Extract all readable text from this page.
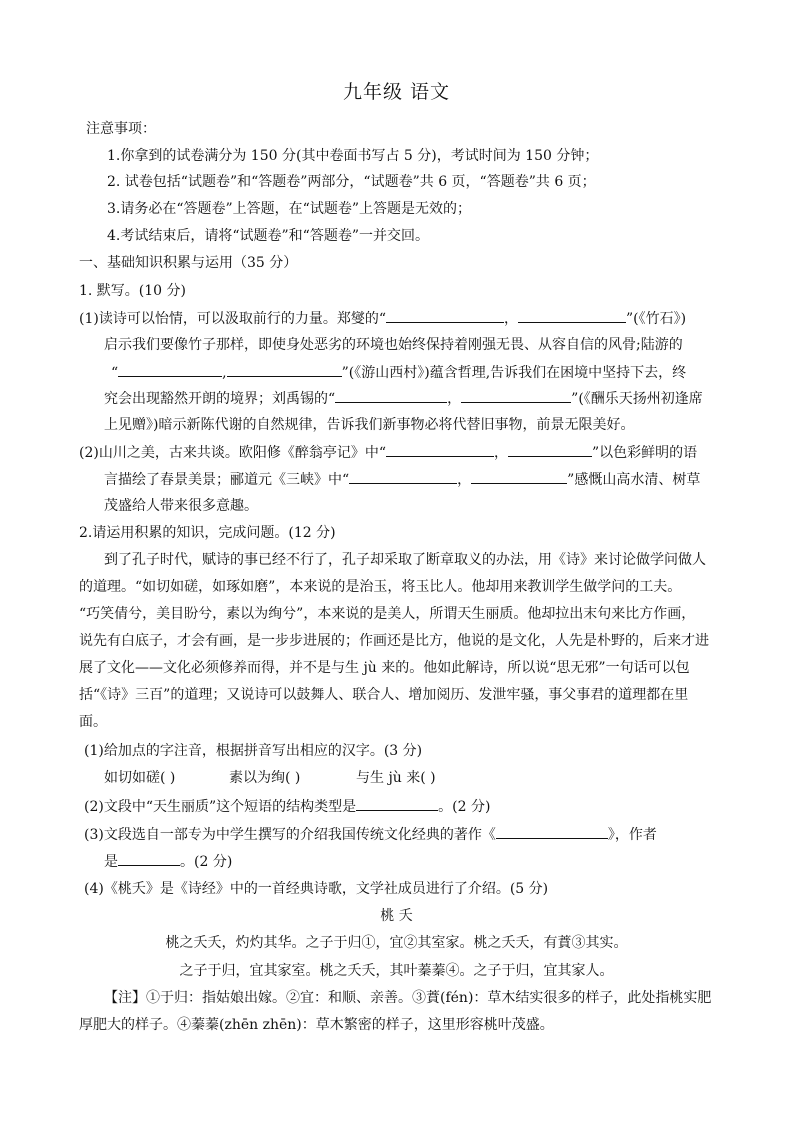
九年级 语文
注意事项：
1.你拿到的试卷满分为 150 分(其中卷面书写占 5 分)，考试时间为 150 分钟；
2. 试卷包括“试题卷”和“答题卷”两部分，“试题卷”共 6 页，“答题卷”共 6 页；
3.请务必在“答题卷”上答题，在“试题卷”上答题是无效的；
4.考试结束后，请将“试题卷”和“答题卷”一并交回。
一、基础知识积累与运用（35 分）
1. 默写。(10 分)
(1)读诗可以怡情，可以汲取前行的力量。郑燮的“	，	”(《竹石》)
启示我们要像竹子那样，即使身处恶劣的环境也始终保持着刚强无畏、从容自信的风骨;陆游的
“	,	”(《游山西村》)蕴含哲理,告诉我们在困境中坚持下去，终
究会出现豁然开朗的境界；刘禹锡的“	，	”(《酬乐天扬州初逢席
上见赠》)暗示新陈代谢的自然规律，告诉我们新事物必将代替旧事物，前景无限美好。
(2)山川之美，古来共谈。欧阳修《醉翁亭记》中“	，	”以色彩鲜明的语
言描绘了春景美景；郦道元《三峡》中“	，	”感慨山高水清、树草
茂盛给人带来很多意趣。
2.请运用积累的知识，完成问题。(12 分)
到了孔子时代，赋诗的事已经不行了，孔子却采取了断章取义的办法，用《诗》来讨论做学问做人
的道理。“如切如磋，如琢如磨”，本来说的是治玉，将玉比人。他却用来教训学生做学问的工夫。
“巧笑倩兮，美目盼兮，素以为绚兮”，本来说的是美人，所谓天生丽质。他却拉出末句来比方作画，
说先有白底子，才会有画，是一步步进展的；作画还是比方，他说的是文化，人先是朴野的，后来才进
展了文化——文化必须修养而得，并不是与生 jù 来的。他如此解诗，所以说“思无邪”一句话可以包
括“《诗》三百”的道理；又说诗可以鼓舞人、联合人、增加阅历、发泄牢骚，事父事君的道理都在里
面。
(1)给加点的字注音，根据拼音写出相应的汉字。(3 分)
如切如磋( )	素以为绚( )	与生 jù 来( )
(2)文段中“天生丽质”这个短语的结构类型是	。(2 分)
(3)文段选自一部专为中学生撰写的介绍我国传统文化经典的著作《	》，作者
是	。(2 分)
(4)《桃夭》是《诗经》中的一首经典诗歌，文学社成员进行了介绍。(5 分)
桃 夭
桃之夭夭，灼灼其华。之子于归①，宜②其室家。桃之夭夭，有蕡③其实。
之子于归，宜其家室。桃之夭夭，其叶蓁蓁④。之子于归，宜其家人。
【注】①于归：指姑娘出嫁。②宜：和顺、亲善。③蕡(fén)：草木结实很多的样子，此处指桃实肥
厚肥大的样子。④蓁蓁(zhēn zhēn)：草木繁密的样子，这里形容桃叶茂盛。
